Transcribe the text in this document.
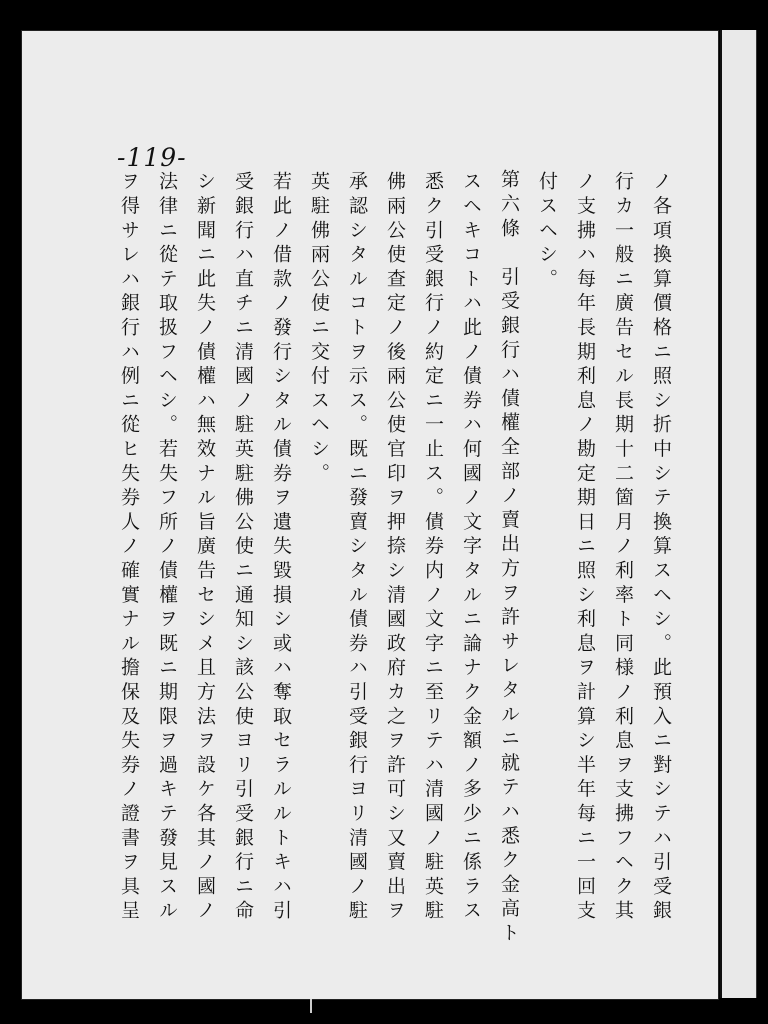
-119-
ノ各項換算價格ニ照シ折中シテ換算スヘシ。此預入ニ對シテハ引受銀
行カ一般ニ廣告セル長期十二箇月ノ利率ト同様ノ利息ヲ支拂フヘク其
ノ支拂ハ每年長期利息ノ勘定期日ニ照シ利息ヲ計算シ半年每ニ一回支
付スヘシ。
第六條　引受銀行ハ債權全部ノ賣出方ヲ許サレタルニ就テハ悉ク金高ト
スヘキコトハ此ノ債券ハ何國ノ文字タルニ論ナク金額ノ多少ニ係ラス
悉ク引受銀行ノ約定ニ一止ス。債券内ノ文字ニ至リテハ清國ノ駐英駐
佛兩公使查定ノ後兩公使官印ヲ押捺シ清國政府カ之ヲ許可シ又賣出ヲ
承認シタルコトヲ示ス。既ニ發賣シタル債券ハ引受銀行ヨリ清國ノ駐
英駐佛兩公使ニ交付スヘシ。
若此ノ借款ノ發行シタル債券ヲ遺失毀損シ或ハ奪取セラルルトキハ引
受銀行ハ直チニ清國ノ駐英駐佛公使ニ通知シ該公使ヨリ引受銀行ニ命
シ新聞ニ此失ノ債權ハ無效ナル旨廣告セシメ且方法ヲ設ケ各其ノ國ノ
法律ニ從テ取扱フヘシ。若失フ所ノ債權ヲ既ニ期限ヲ過キテ發見スル
ヲ得サレハ銀行ハ例ニ從ヒ失券人ノ確實ナル擔保及失券ノ證書ヲ具呈
